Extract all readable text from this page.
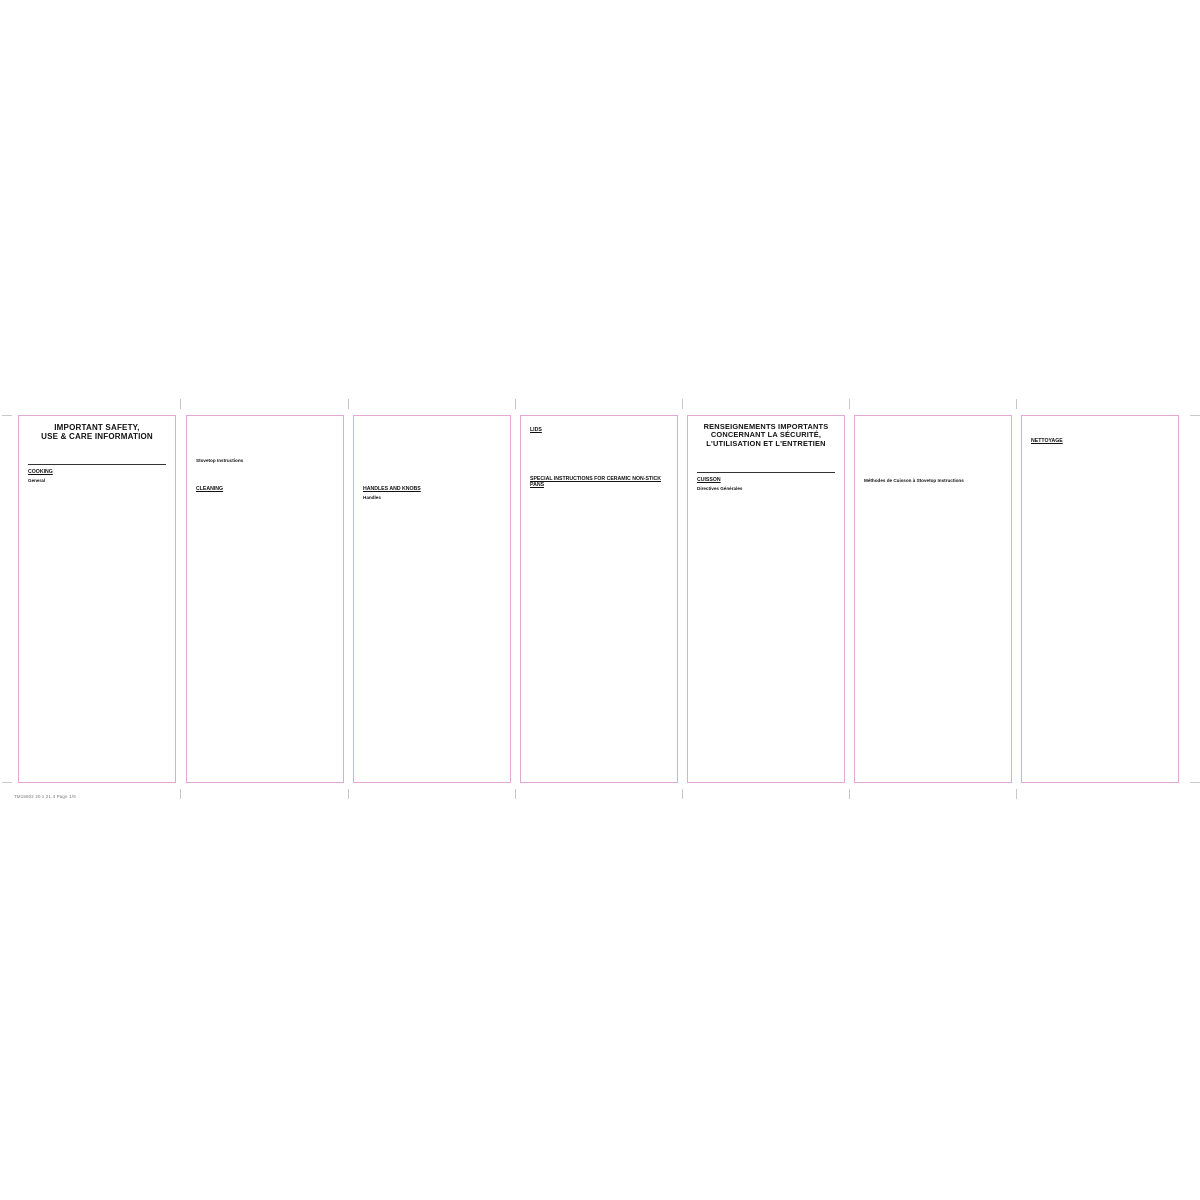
IMPORTANT SAFETY,
USE & CARE INFORMATION

COOKING
General

Stovetop Instructions

CLEANING

	HANDLES AND KNOBS
Handles

LIDS

SPECIAL INSTRUCTIONS FOR CERAMIC NON-STICK PANS

RENSEIGNEMENTS IMPORTANTS
CONCERNANT LA SÉCURITÉ,
L'UTILISATION ET L'ENTRETIEN

CUISSON
Directives Générales

Méthodes de Cuisson à Stovetop Instructions

NETTOYAGE

TM15802 20 x 21.4 Page 1/6
